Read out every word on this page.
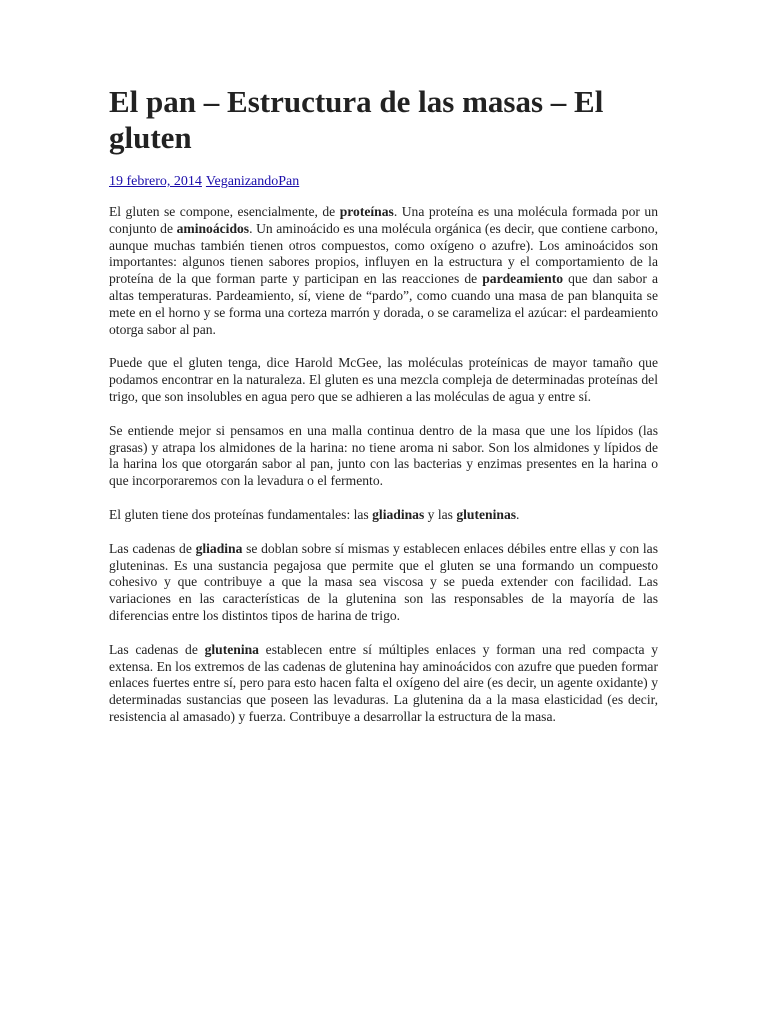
El pan – Estructura de las masas – El gluten
19 febrero, 2014 VeganizandoPan

El gluten se compone, esencialmente, de proteínas. Una proteína es una molécula formada por un conjunto de aminoácidos. Un aminoácido es una molécula orgánica (es decir, que contiene carbono, aunque muchas también tienen otros compuestos, como oxígeno o azufre). Los aminoácidos son importantes: algunos tienen sabores propios, influyen en la estructura y el comportamiento de la proteína de la que forman parte y participan en las reacciones de pardeamiento que dan sabor a altas temperaturas. Pardeamiento, sí, viene de “pardo”, como cuando una masa de pan blanquita se mete en el horno y se forma una corteza marrón y dorada, o se carameliza el azúcar: el pardeamiento otorga sabor al pan.

Puede que el gluten tenga, dice Harold McGee, las moléculas proteínicas de mayor tamaño que podamos encontrar en la naturaleza. El gluten es una mezcla compleja de determinadas proteínas del trigo, que son insolubles en agua pero que se adhieren a las moléculas de agua y entre sí.

Se entiende mejor si pensamos en una malla continua dentro de la masa que une los lípidos (las grasas) y atrapa los almidones de la harina: no tiene aroma ni sabor. Son los almidones y lípidos de la harina los que otorgarán sabor al pan, junto con las bacterias y enzimas presentes en la harina o que incorporaremos con la levadura o el fermento.

El gluten tiene dos proteínas fundamentales: las gliadinas y las gluteninas.

Las cadenas de gliadina se doblan sobre sí mismas y establecen enlaces débiles entre ellas y con las gluteninas. Es una sustancia pegajosa que permite que el gluten se una formando un compuesto cohesivo y que contribuye a que la masa sea viscosa y se pueda extender con facilidad. Las variaciones en las características de la glutenina son las responsables de la mayoría de las diferencias entre los distintos tipos de harina de trigo.

Las cadenas de glutenina establecen entre sí múltiples enlaces y forman una red compacta y extensa. En los extremos de las cadenas de glutenina hay aminoácidos con azufre que pueden formar enlaces fuertes entre sí, pero para esto hacen falta el oxígeno del aire (es decir, un agente oxidante) y determinadas sustancias que poseen las levaduras. La glutenina da a la masa elasticidad (es decir, resistencia al amasado) y fuerza. Contribuye a desarrollar la estructura de la masa.
